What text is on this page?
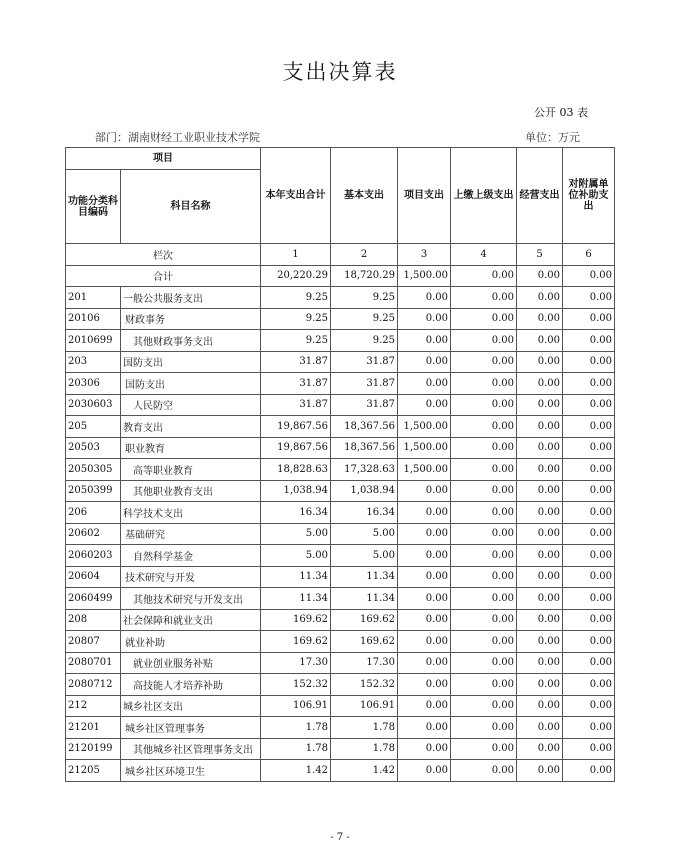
支出决算表
公开 03 表
部门：湖南财经工业职业技术学院	单位：万元
项目		本年支出合计	基本支出	项目支出	上缴上级支出	经营支出	对附属单位补助支出
功能分类科目编码	科目名称						
栏次		1	2	3	4	5	6
合计		20,220.29	18,720.29	1,500.00	0.00	0.00	0.00
201	一般公共服务支出	9.25	9.25	0.00	0.00	0.00	0.00
20106	财政事务	9.25	9.25	0.00	0.00	0.00	0.00
2010699	其他财政事务支出	9.25	9.25	0.00	0.00	0.00	0.00
203	国防支出	31.87	31.87	0.00	0.00	0.00	0.00
20306	国防支出	31.87	31.87	0.00	0.00	0.00	0.00
2030603	人民防空	31.87	31.87	0.00	0.00	0.00	0.00
205	教育支出	19,867.56	18,367.56	1,500.00	0.00	0.00	0.00
20503	职业教育	19,867.56	18,367.56	1,500.00	0.00	0.00	0.00
2050305	高等职业教育	18,828.63	17,328.63	1,500.00	0.00	0.00	0.00
2050399	其他职业教育支出	1,038.94	1,038.94	0.00	0.00	0.00	0.00
206	科学技术支出	16.34	16.34	0.00	0.00	0.00	0.00
20602	基础研究	5.00	5.00	0.00	0.00	0.00	0.00
2060203	自然科学基金	5.00	5.00	0.00	0.00	0.00	0.00
20604	技术研究与开发	11.34	11.34	0.00	0.00	0.00	0.00
2060499	其他技术研究与开发支出	11.34	11.34	0.00	0.00	0.00	0.00
208	社会保障和就业支出	169.62	169.62	0.00	0.00	0.00	0.00
20807	就业补助	169.62	169.62	0.00	0.00	0.00	0.00
2080701	就业创业服务补贴	17.30	17.30	0.00	0.00	0.00	0.00
2080712	高技能人才培养补助	152.32	152.32	0.00	0.00	0.00	0.00
212	城乡社区支出	106.91	106.91	0.00	0.00	0.00	0.00
21201	城乡社区管理事务	1.78	1.78	0.00	0.00	0.00	0.00
2120199	其他城乡社区管理事务支出	1.78	1.78	0.00	0.00	0.00	0.00
21205	城乡社区环境卫生	1.42	1.42	0.00	0.00	0.00	0.00
- 7 -
